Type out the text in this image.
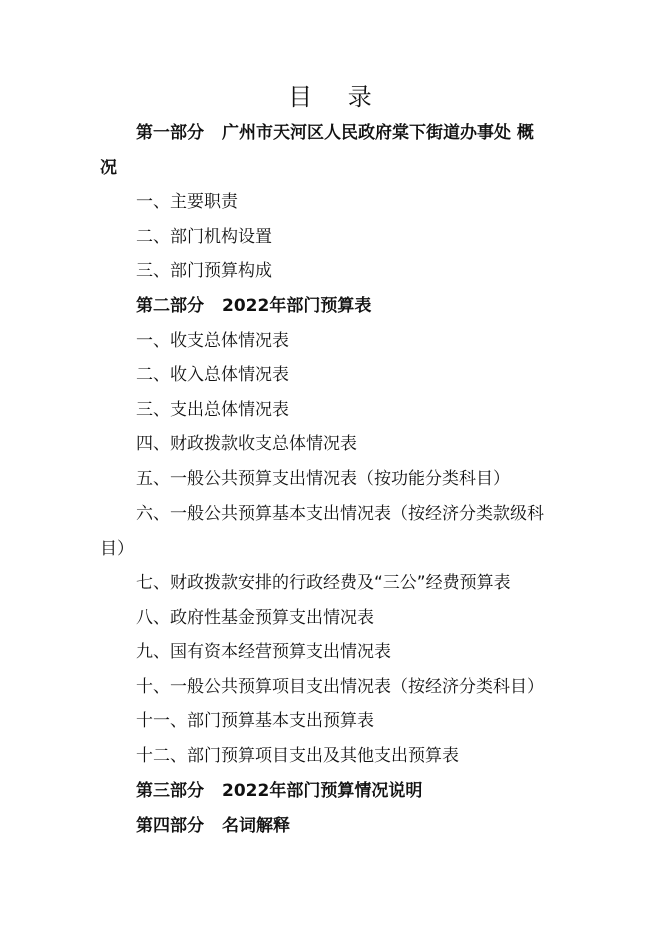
目 录
第一部分 广州市天河区人民政府棠下街道办事处 概
况
一、主要职责
二、部门机构设置
三、部门预算构成
第二部分 2022年部门预算表
一、收支总体情况表
二、收入总体情况表
三、支出总体情况表
四、财政拨款收支总体情况表
五、一般公共预算支出情况表（按功能分类科目）
六、一般公共预算基本支出情况表（按经济分类款级科
目）
七、财政拨款安排的行政经费及“三公”经费预算表
八、政府性基金预算支出情况表
九、国有资本经营预算支出情况表
十、一般公共预算项目支出情况表（按经济分类科目）
十一、部门预算基本支出预算表
十二、部门预算项目支出及其他支出预算表
第三部分 2022年部门预算情况说明
第四部分 名词解释
